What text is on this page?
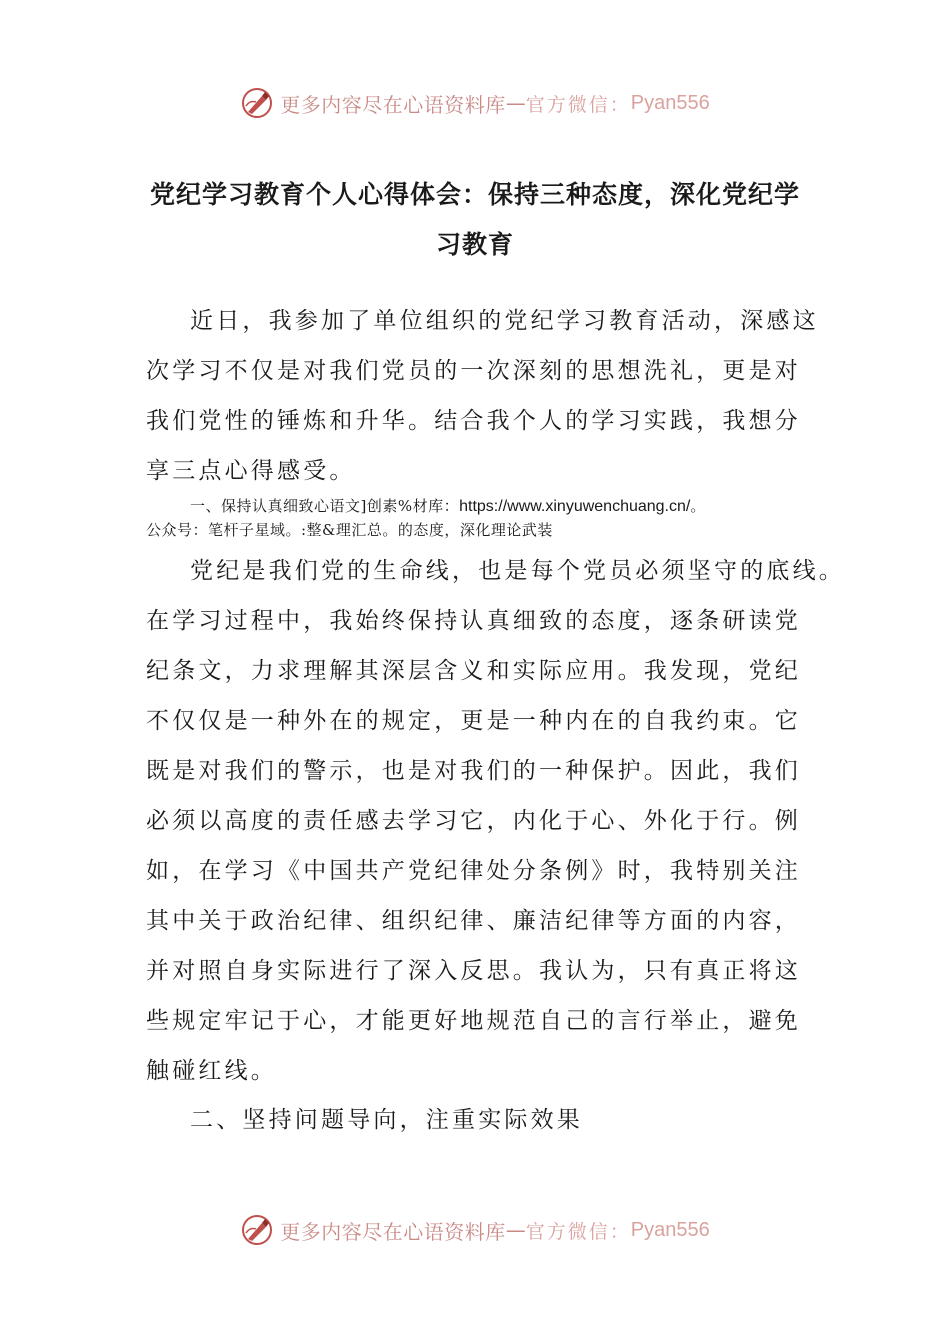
更多内容尽在心语资料库 — 官方微信： Pyan556
党纪学习教育个人心得体会：保持三种态度，深化党纪学
习教育
近日，我参加了单位组织的党纪学习教育活动，深感这
次学习不仅是对我们党员的一次深刻的思想洗礼，更是对
我们党性的锤炼和升华。结合我个人的学习实践，我想分
享三点心得感受。
一、保持认真细致心语文]创素%材库：https://www.xinyuwenchuang.cn/。
公众号：笔杆子星域。:整&理汇总。的态度，深化理论武装
党纪是我们党的生命线，也是每个党员必须坚守的底线。
在学习过程中，我始终保持认真细致的态度，逐条研读党
纪条文，力求理解其深层含义和实际应用。我发现，党纪
不仅仅是一种外在的规定，更是一种内在的自我约束。它
既是对我们的警示，也是对我们的一种保护。因此，我们
必须以高度的责任感去学习它，内化于心、外化于行。例
如，在学习《中国共产党纪律处分条例》时，我特别关注
其中关于政治纪律、组织纪律、廉洁纪律等方面的内容，
并对照自身实际进行了深入反思。我认为，只有真正将这
些规定牢记于心，才能更好地规范自己的言行举止，避免
触碰红线。
二、坚持问题导向，注重实际效果
更多内容尽在心语资料库 — 官方微信： Pyan556
